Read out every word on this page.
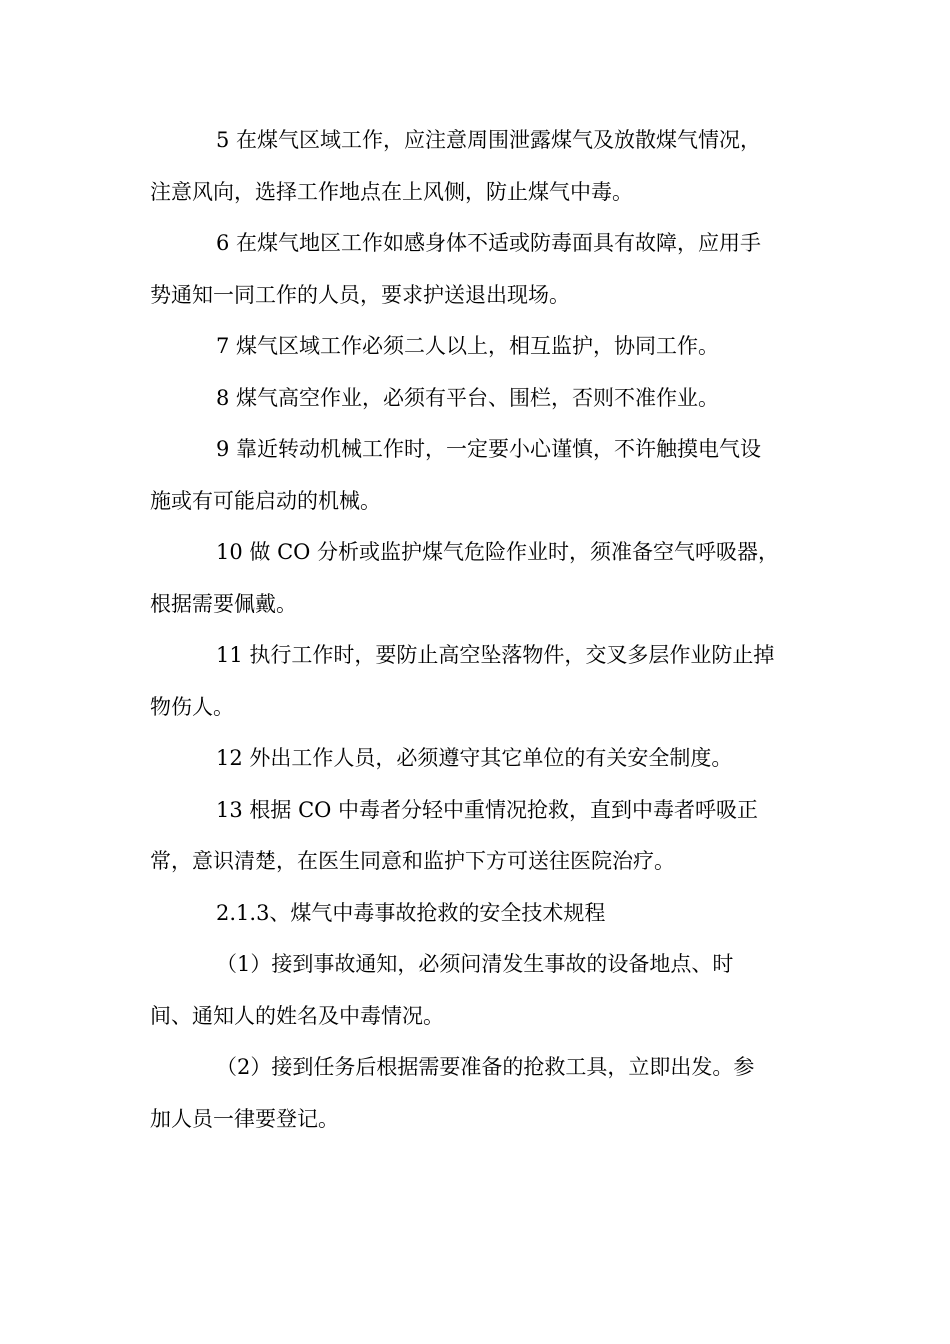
5 在煤气区域工作，应注意周围泄露煤气及放散煤气情况，
注意风向，选择工作地点在上风侧，防止煤气中毒。

6 在煤气地区工作如感身体不适或防毒面具有故障，应用手
势通知一同工作的人员，要求护送退出现场。

7 煤气区域工作必须二人以上，相互监护，协同工作。

8 煤气高空作业，必须有平台、围栏，否则不准作业。

9 靠近转动机械工作时，一定要小心谨慎，不许触摸电气设
施或有可能启动的机械。

10 做 CO 分析或监护煤气危险作业时，须准备空气呼吸器，
根据需要佩戴。

11 执行工作时，要防止高空坠落物件，交叉多层作业防止掉
物伤人。

12 外出工作人员，必须遵守其它单位的有关安全制度。

13 根据 CO 中毒者分轻中重情况抢救，直到中毒者呼吸正
常，意识清楚，在医生同意和监护下方可送往医院治疗。

2.1.3、煤气中毒事故抢救的安全技术规程

（1）接到事故通知，必须问清发生事故的设备地点、时
间、通知人的姓名及中毒情况。

（2）接到任务后根据需要准备的抢救工具，立即出发。参
加人员一律要登记。
